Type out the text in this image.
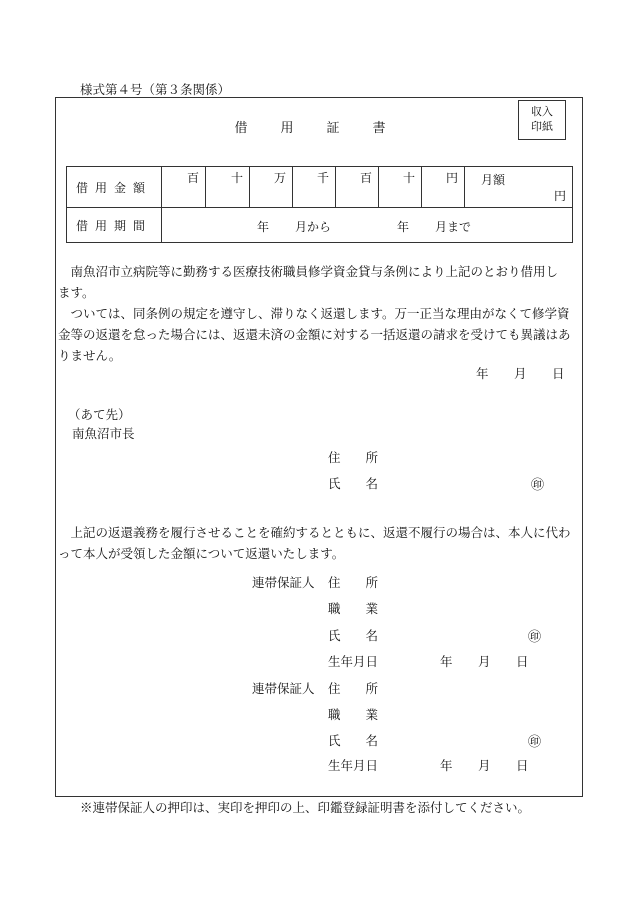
様式第４号（第３条関係）
借　用　証　書
収入
印紙
借用金額	百	十	万	千	百	十	円	月額
円

借用期間	年 月から 年 月まで							

　南魚沼市立病院等に勤務する医療技術職員修学資金貸与条例により上記のとおり借用し

ます。

　ついては、同条例の規定を遵守し、滞りなく返還します。万一正当な理由がなくて修学資

金等の返還を怠った場合には、返還未済の金額に対する一括返還の請求を受けても異議はあ

りません。

年 月 日
（あて先）
南魚沼市長
住　　所
氏　　名	㊞

　上記の返還義務を履行させることを確約するとともに、返還不履行の場合は、本人に代わ

って本人が受領した金額について返還いたします。

連帯保証人 住　　所
職　　業
氏　　名	㊞
生年月日	年 月 日
連帯保証人 住　　所
職　　業
氏　　名	㊞
生年月日	年 月 日
※連帯保証人の押印は、実印を押印の上、印鑑登録証明書を添付してください。
